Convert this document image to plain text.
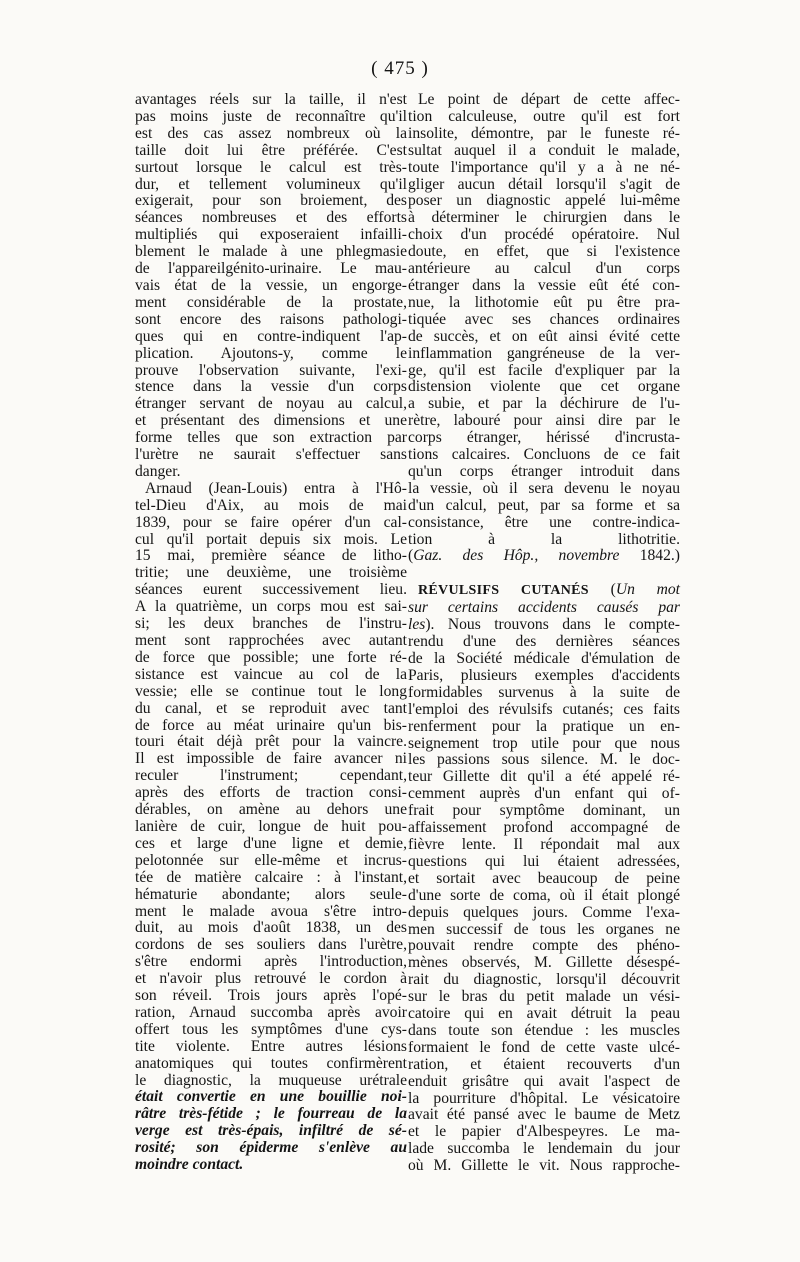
( 475 )
avantages réels sur la taille, il n'est
pas moins juste de reconnaître qu'il
est des cas assez nombreux où la
taille doit lui être préférée. C'est
surtout lorsque le calcul est très-
dur, et tellement volumineux qu'il
exigerait, pour son broiement, des
séances nombreuses et des efforts
multipliés qui exposeraient infailli-
blement le malade à une phlegmasie
de l'appareilgénito-urinaire. Le mau-
vais état de la vessie, un engorge-
ment considérable de la prostate,
sont encore des raisons pathologi-
ques qui en contre-indiquent l'ap-
plication. Ajoutons-y, comme le
prouve l'observation suivante, l'exi-
stence dans la vessie d'un corps
étranger servant de noyau au calcul,
et présentant des dimensions et une
forme telles que son extraction par
l'urètre ne saurait s'effectuer sans
danger.
Arnaud (Jean-Louis) entra à l'Hô-
tel-Dieu d'Aix, au mois de mai
1839, pour se faire opérer d'un cal-
cul qu'il portait depuis six mois. Le
15 mai, première séance de litho-
tritie; une deuxième, une troisième
séances eurent successivement lieu.
A la quatrième, un corps mou est sai-
si; les deux branches de l'instru-
ment sont rapprochées avec autant
de force que possible; une forte ré-
sistance est vaincue au col de la
vessie; elle se continue tout le long
du canal, et se reproduit avec tant
de force au méat urinaire qu'un bis-
touri était déjà prêt pour la vaincre.
Il est impossible de faire avancer ni
reculer l'instrument; cependant,
après des efforts de traction consi-
dérables, on amène au dehors une
lanière de cuir, longue de huit pou-
ces et large d'une ligne et demie,
pelotonnée sur elle-même et incrus-
tée de matière calcaire : à l'instant,
hématurie abondante; alors seule-
ment le malade avoua s'être intro-
duit, au mois d'août 1838, un des
cordons de ses souliers dans l'urètre,
s'être endormi après l'introduction,
et n'avoir plus retrouvé le cordon à
son réveil. Trois jours après l'opé-
ration, Arnaud succomba après avoir
offert tous les symptômes d'une cys-
tite violente. Entre autres lésions
anatomiques qui toutes confirmèrent
le diagnostic, la muqueuse urétrale
était convertie en une bouillie noi-
râtre très-fétide ; le fourreau de la
verge est très-épais, infiltré de sé-
rosité; son épiderme s'enlève au
moindre contact.
Le point de départ de cette affec-
tion calculeuse, outre qu'il est fort
insolite, démontre, par le funeste ré-
sultat auquel il a conduit le malade,
toute l'importance qu'il y a à ne né-
gliger aucun détail lorsqu'il s'agit de
poser un diagnostic appelé lui-même
à déterminer le chirurgien dans le
choix d'un procédé opératoire. Nul
doute, en effet, que si l'existence
antérieure au calcul d'un corps
étranger dans la vessie eût été con-
nue, la lithotomie eût pu être pra-
tiquée avec ses chances ordinaires
de succès, et on eût ainsi évité cette
inflammation gangréneuse de la ver-
ge, qu'il est facile d'expliquer par la
distension violente que cet organe
a subie, et par la déchirure de l'u-
rètre, labouré pour ainsi dire par le
corps étranger, hérissé d'incrusta-
tions calcaires. Concluons de ce fait
qu'un corps étranger introduit dans
la vessie, où il sera devenu le noyau
d'un calcul, peut, par sa forme et sa
consistance, être une contre-indica-
tion à la lithotritie.
(Gaz. des Hôp., novembre 1842.)
RÉVULSIFS CUTANÉS (Un mot
sur certains accidents causés par
les). Nous trouvons dans le compte-
rendu d'une des dernières séances
de la Société médicale d'émulation de
Paris, plusieurs exemples d'accidents
formidables survenus à la suite de
l'emploi des révulsifs cutanés; ces faits
renferment pour la pratique un en-
seignement trop utile pour que nous
les passions sous silence. M. le doc-
teur Gillette dit qu'il a été appelé ré-
cemment auprès d'un enfant qui of-
frait pour symptôme dominant, un
affaissement profond accompagné de
fièvre lente. Il répondait mal aux
questions qui lui étaient adressées,
et sortait avec beaucoup de peine
d'une sorte de coma, où il était plongé
depuis quelques jours. Comme l'exa-
men successif de tous les organes ne
pouvait rendre compte des phéno-
mènes observés, M. Gillette désespé-
rait du diagnostic, lorsqu'il découvrit
sur le bras du petit malade un vési-
catoire qui en avait détruit la peau
dans toute son étendue : les muscles
formaient le fond de cette vaste ulcé-
ration, et étaient recouverts d'un
enduit grisâtre qui avait l'aspect de
la pourriture d'hôpital. Le vésicatoire
avait été pansé avec le baume de Metz
et le papier d'Albespeyres. Le ma-
lade succomba le lendemain du jour
où M. Gillette le vit. Nous rapproche-
